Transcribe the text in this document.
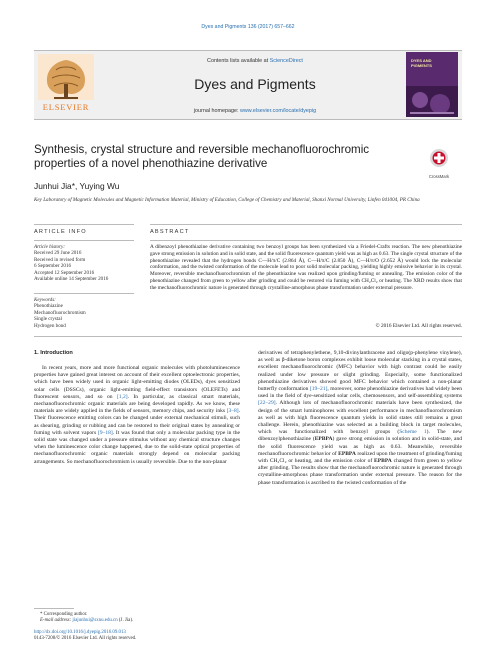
Dyes and Pigments 136 (2017) 657–662
ELSEVIER
Contents lists available at ScienceDirect
Dyes and Pigments
journal homepage: www.elsevier.com/locate/dyepig
DYES AND PIGMENTS
Synthesis, crystal structure and reversible mechanofluorochromic properties of a novel phenothiazine derivative
CrossMark
Junhui Jia*, Yuying Wu
Key Laboratory of Magnetic Molecules and Magnetic Information Material, Ministry of Education, College of Chemistry and Material, Shanxi Normal University, Linfen 041004, PR China
ARTICLE INFO
Article history:
Received 29 June 2016
Received in revised form
6 September 2016
Accepted 12 September 2016
Available online 14 September 2016
Keywords:
Phenothiazine
Mechanofluorochromism
Single crystal
Hydrogen bond
ABSTRACT
A dibenzoyl phenothiazine derivative containing two benzoyl groups has been synthesized via a Friedel-Crafts reaction. The new phenothiazine gave strong emission in solution and in solid state, and the solid fluorescence quantum yield was as high as 0.63. The single crystal structure of the phenothiazine revealed that the hydrogen bonds C—H/π/C (2.864 Å), C—H/π/C (2.850 Å), C—H/π/O (2.652 Å) would lock the molecular conformation, and the twisted conformation of the molecule lead to poor solid molecular packing, yielding highly emissive behavior in its crystal. Moreover, reversible mechanofluorochromism of the phenothiazine was realized upon grinding/fuming or annealing. The emission color of the phenothiazine changed from green to yellow after grinding and could be restored via fuming with CH₂Cl₂ or heating. The XRD results show that the mechanofluorochromic nature is generated through crystalline-amorphous phase transformation under external pressure.
© 2016 Elsevier Ltd. All rights reserved.
1. Introduction

In recent years, more and more functional organic molecules with photoluminescence properties have gained great interest on account of their excellent optoelectronic properties, which have been widely used in organic light-emitting diodes (OLEDs), dyes sensitized solar cells (DSSCs), organic light-emitting field-effect transistors (OLEFETs) and fluorescent sensors, and so on [1,2]. In particular, as classical smart materials, mechanofluorochromic organic materials are being developed rapidly. As we know, these materials are widely applied in the fields of sensors, memory chips, and security inks [3–8]. Their fluorescence emitting colors can be changed under external mechanical stimuli, such as shearing, grinding or rubbing and can be restored to their original states by annealing or fuming with solvent vapors [9–18]. It was found that only a molecular packing type in the solid state was changed under a pressure stimulus without any chemical structure changes when the luminescence color change happened, due to the solid-state optical properties of mechanofluorochromic organic materials strongly depend on molecular packing arrangements. So mechanofluorochromism is usually reversible. Due to the non-planar

derivatives of tetraphenylethene, 9,10-divinylanthracene and oligo(p-phenylene vinylene), as well as β-diketone boron complexes exhibit loose molecular stacking in a crystal states, excellent mechanofluorochromic (MFC) behavior with high contrast could be easily realized under low pressure or slight grinding. Especially, some functionalized phenothiazine derivatives showed good MFC behavior which contained a non-planar butterfly conformation [19–21], moreover, some phenothiazine derivatives had widely been used in the field of dye-sensitized solar cells, chemosensors, and self-assembling systems [22–29]. Although lots of mechanofluorochromic materials have been synthesized, the design of the smart luminophores with excellent performance in mechanofluorochromism as well as with high fluorescence quantum yields in solid states still remains a great challenge. Herein, phenothiazine was selected as a building block in target molecules, which was functionalized with benzoyl groups (Scheme 1). The new dibenzoylphenothiazine (EPBPA) gave strong emission in solution and in solid-state, and the solid fluorescence yield was as high as 0.63. Meanwhile, reversible mechanofluorochromic behavior of EPBPA realized upon the treatment of grinding/fuming with CH₂Cl₂ or heating, and the emission color of EPBPA changed from green to yellow after grinding. The results show that the mechanofluorochromic nature is generated through crystalline-amorphous phase transformation under external pressure. The reason for the phase transformation is ascribed to the twisted conformation of the

* Corresponding author.
E-mail address: jiajunhui@sxnu.edu.cn (J. Jia).
http://dx.doi.org/10.1016/j.dyepig.2016.09.013
0143-7208/© 2016 Elsevier Ltd. All rights reserved.
